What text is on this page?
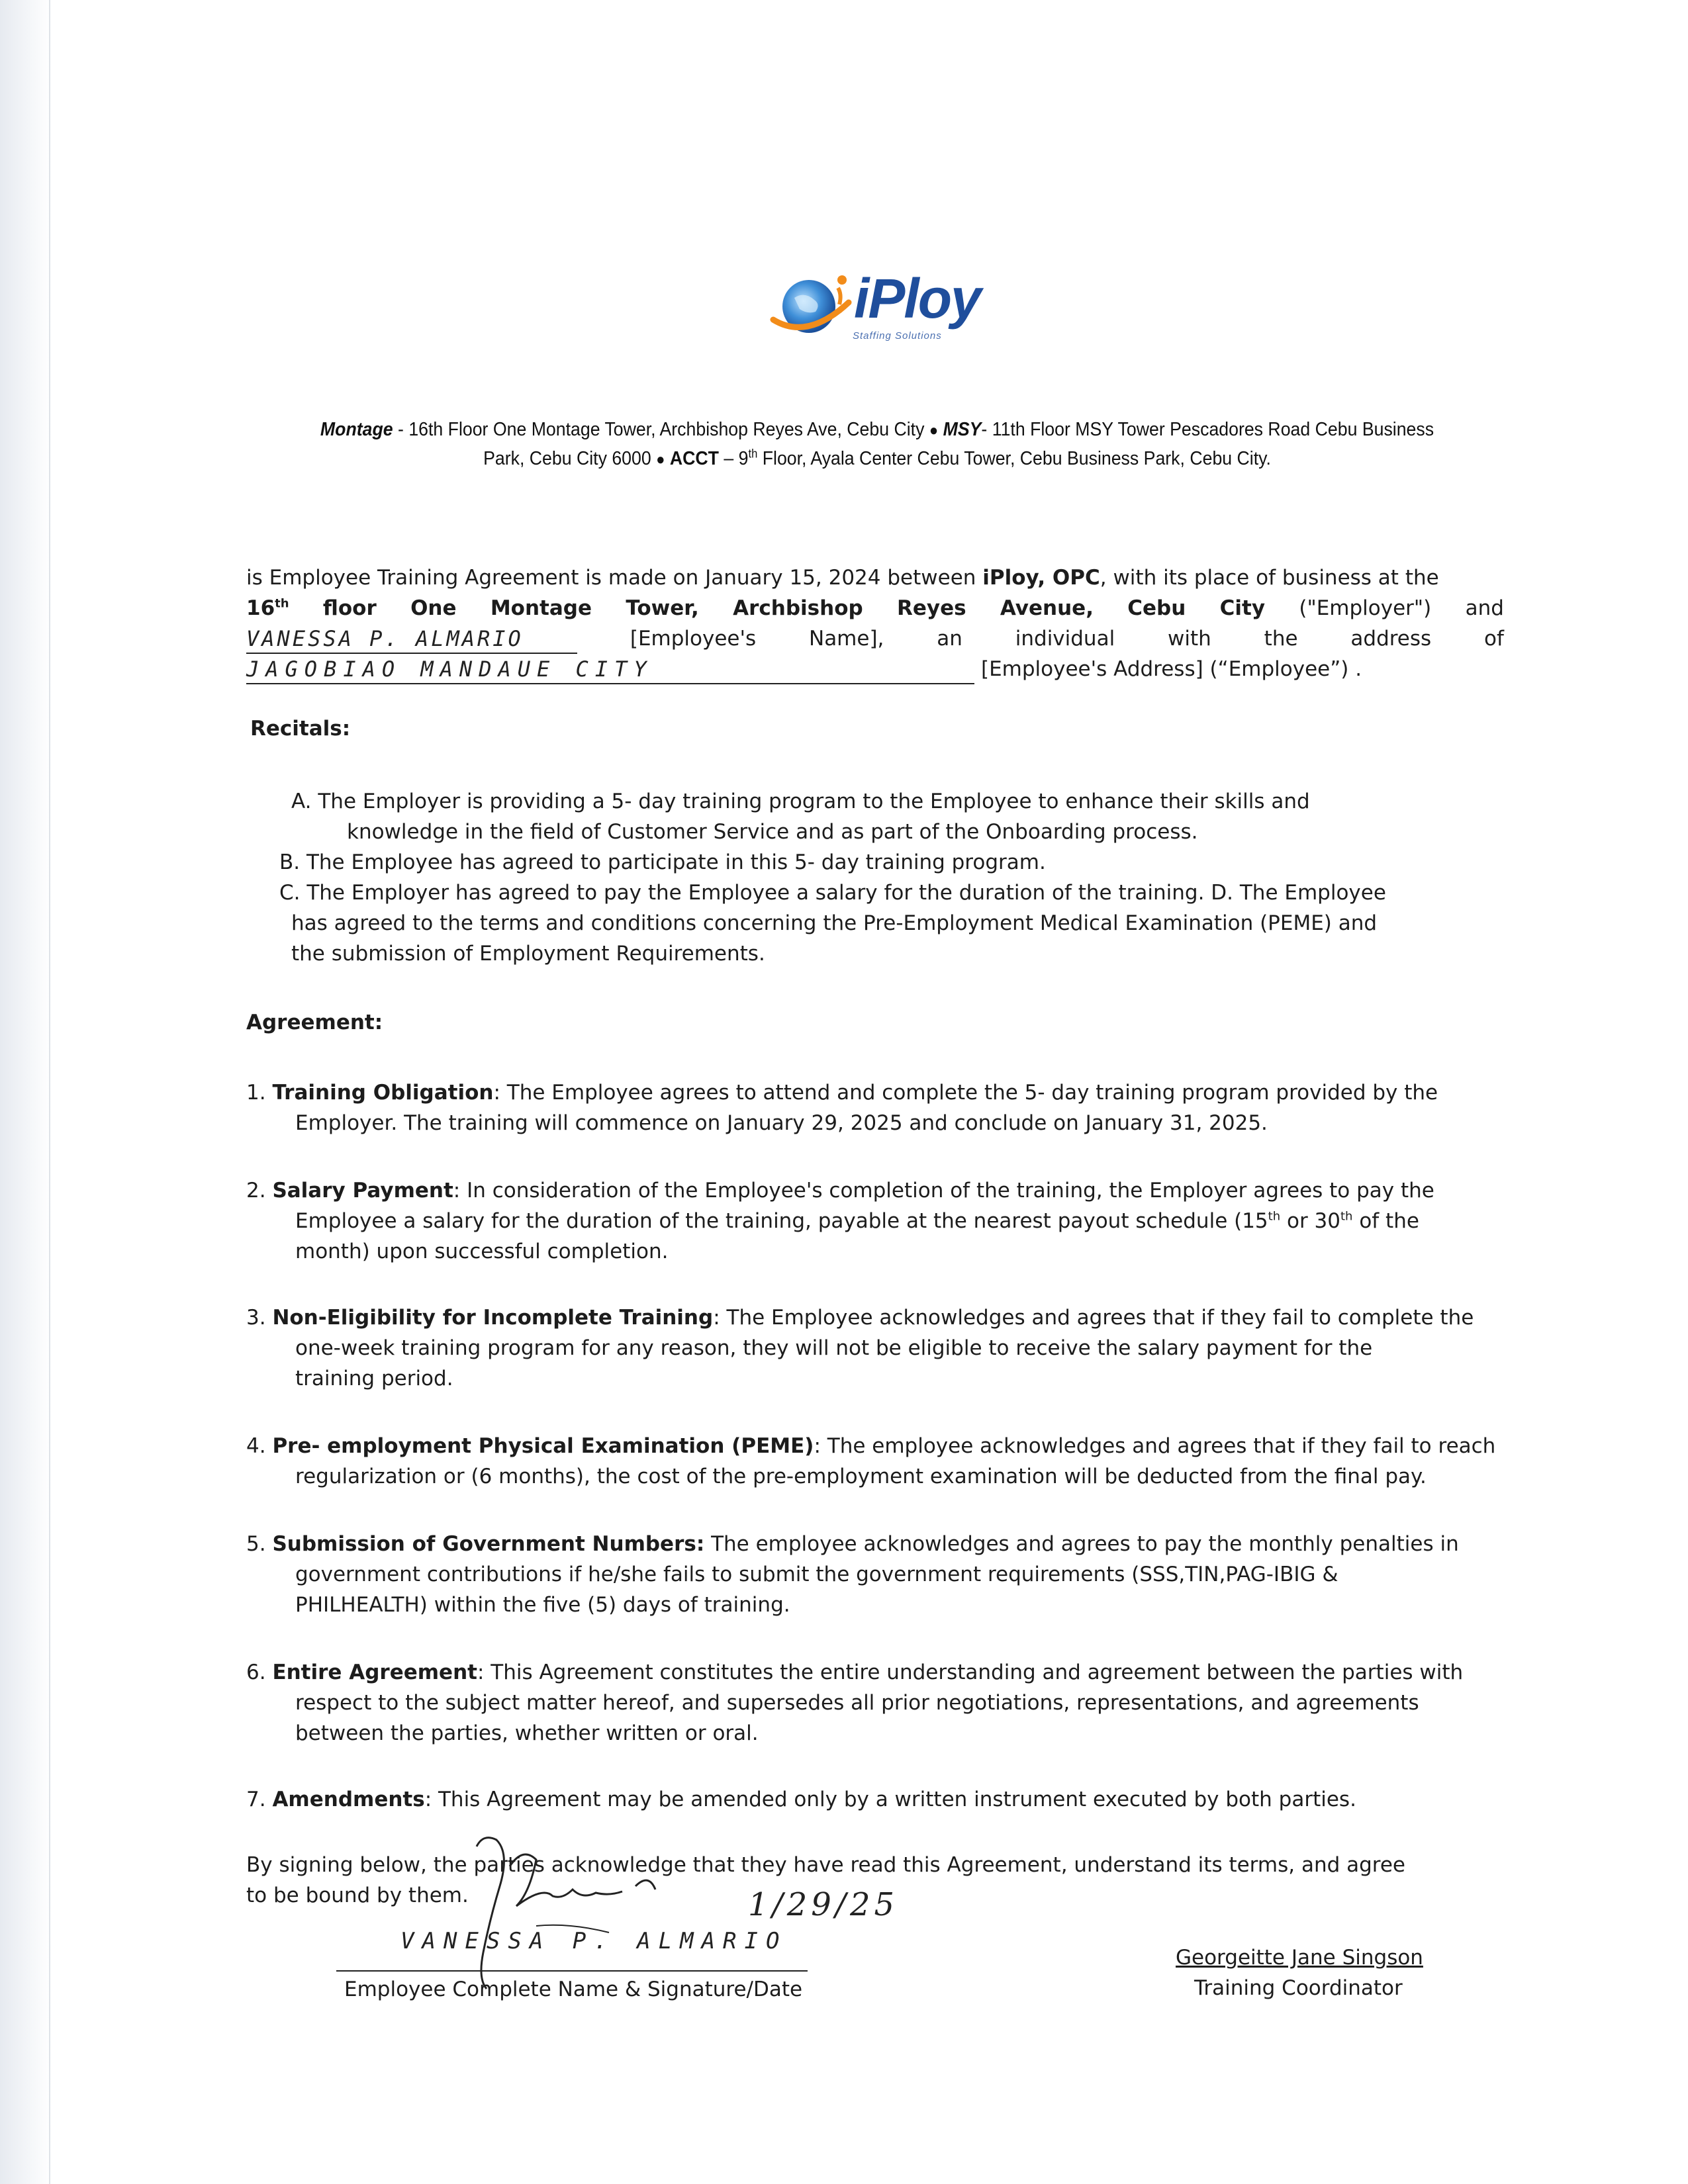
iPloy
Staffing Solutions
Montage - 16th Floor One Montage Tower, Archbishop Reyes Ave, Cebu City ● MSY- 11th Floor MSY Tower Pescadores Road Cebu Business Park, Cebu City 6000 ● ACCT – 9th Floor, Ayala Center Cebu Tower, Cebu Business Park, Cebu City.
is Employee Training Agreement is made on January 15, 2024 between
iPloy, OPC , with its place of business at the
16th floor One Montage Tower, Archbishop Reyes Avenue, Cebu City ("Employer") and
VANESSA P. ALMARIO	[Employee's	Name],	an	individual	with	the	address	of
JAGOBIAO MANDAUE CITY	[Employee's Address] (“Employee”) .
Recitals:

A. The Employer is providing a 5- day training program to the Employee to enhance their skills and

knowledge in the field of Customer Service and as part of the Onboarding process.

B. The Employee has agreed to participate in this 5- day training program.

C. The Employer has agreed to pay the Employee a salary for the duration of the training. D. The Employee

has agreed to the terms and conditions concerning the Pre-Employment Medical Examination (PEME) and

the submission of Employment Requirements.

Agreement:

1. Training Obligation: The Employee agrees to attend and complete the 5- day training program provided by the

Employer. The training will commence on January 29, 2025 and conclude on January 31, 2025.

2. Salary Payment: In consideration of the Employee's completion of the training, the Employer agrees to pay the

Employee a salary for the duration of the training, payable at the nearest payout schedule (15th or 30th of the

month) upon successful completion.

3. Non-Eligibility for Incomplete Training: The Employee acknowledges and agrees that if they fail to complete the

one-week training program for any reason, they will not be eligible to receive the salary payment for the

training period.

4. Pre- employment Physical Examination (PEME): The employee acknowledges and agrees that if they fail to reach

regularization or (6 months), the cost of the pre-employment examination will be deducted from the final pay.

5. Submission of Government Numbers: The employee acknowledges and agrees to pay the monthly penalties in

government contributions if he/she fails to submit the government requirements (SSS,TIN,PAG-IBIG &

PHILHEALTH) within the five (5) days of training.

6. Entire Agreement: This Agreement constitutes the entire understanding and agreement between the parties with

respect to the subject matter hereof, and supersedes all prior negotiations, representations, and agreements

between the parties, whether written or oral.

7. Amendments: This Agreement may be amended only by a written instrument executed by both parties.

By signing below, the parties acknowledge that they have read this Agreement, understand its terms, and agree

to be bound by them.	1/29/25
VANESSA P. ALMARIO
Employee Complete Name & Signature/Date
Georgeitte Jane Singson
Training Coordinator
